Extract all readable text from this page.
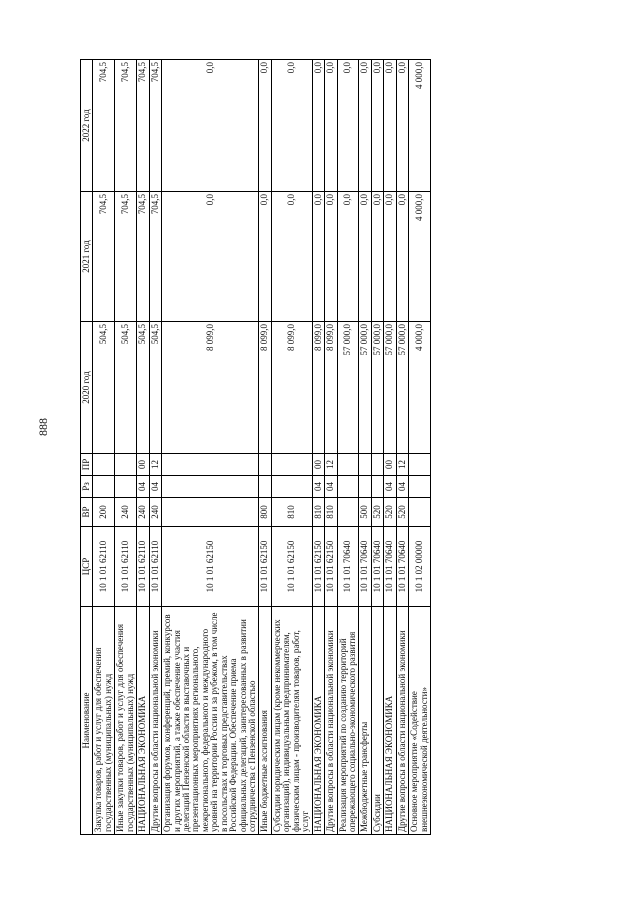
888
Наименование	ЦСР	ВР	Рз	ПР	2020 год	2021 год	2022 год
Закупка товаров, работ и услуг для обеспечения государственных (муниципальных) нужд	10 1 01 62110	200			504,5	704,5	704,5
Иные закупки товаров, работ и услуг для обеспечения государственных (муниципальных) нужд	10 1 01 62110	240			504,5	704,5	704,5
НАЦИОНАЛЬНАЯ ЭКОНОМИКА	10 1 01 62110	240	04	00	504,5	704,5	704,5
Другие вопросы в области национальной экономики	10 1 01 62110	240	04	12	504,5	704,5	704,5
Организация форумов, конференций, премий, конкурсов и других мероприятий, а также обеспечение участия делегаций Пензенской области в выставочных и презентационных мероприятиях регионального, межрегионального, федерального и международного уровней на территории России и за рубежом, в том числе в посольствах и торговых представительствах Российской Федерации. Обеспечение приема официальных делегаций, заинтересованных в развитии сотрудничества с Пензенской областью	10 1 01 62150				8 099,0	0,0	0,0
Иные бюджетные ассигнования	10 1 01 62150	800			8 099,0	0,0	0,0
Субсидии юридическим лицам (кроме некоммерческих организаций), индивидуальным предпринимателям, физическим лицам - производителям товаров, работ, услуг	10 1 01 62150	810			8 099,0	0,0	0,0
НАЦИОНАЛЬНАЯ ЭКОНОМИКА	10 1 01 62150	810	04	00	8 099,0	0,0	0,0
Другие вопросы в области национальной экономики	10 1 01 62150	810	04	12	8 099,0	0,0	0,0
Реализация мероприятий по созданию территорий опережающего социально-экономического развития	10 1 01 70640				57 000,0	0,0	0,0
Межбюджетные трансферты	10 1 01 70640	500			57 000,0	0,0	0,0
Субсидии	10 1 01 70640	520			57 000,0	0,0	0,0
НАЦИОНАЛЬНАЯ ЭКОНОМИКА	10 1 01 70640	520	04	00	57 000,0	0,0	0,0
Другие вопросы в области национальной экономики	10 1 01 70640	520	04	12	57 000,0	0,0	0,0
Основное мероприятие «Содействие внешнеэкономической деятельности»	10 1 02 00000				4 000,0	4 000,0	4 000,0
